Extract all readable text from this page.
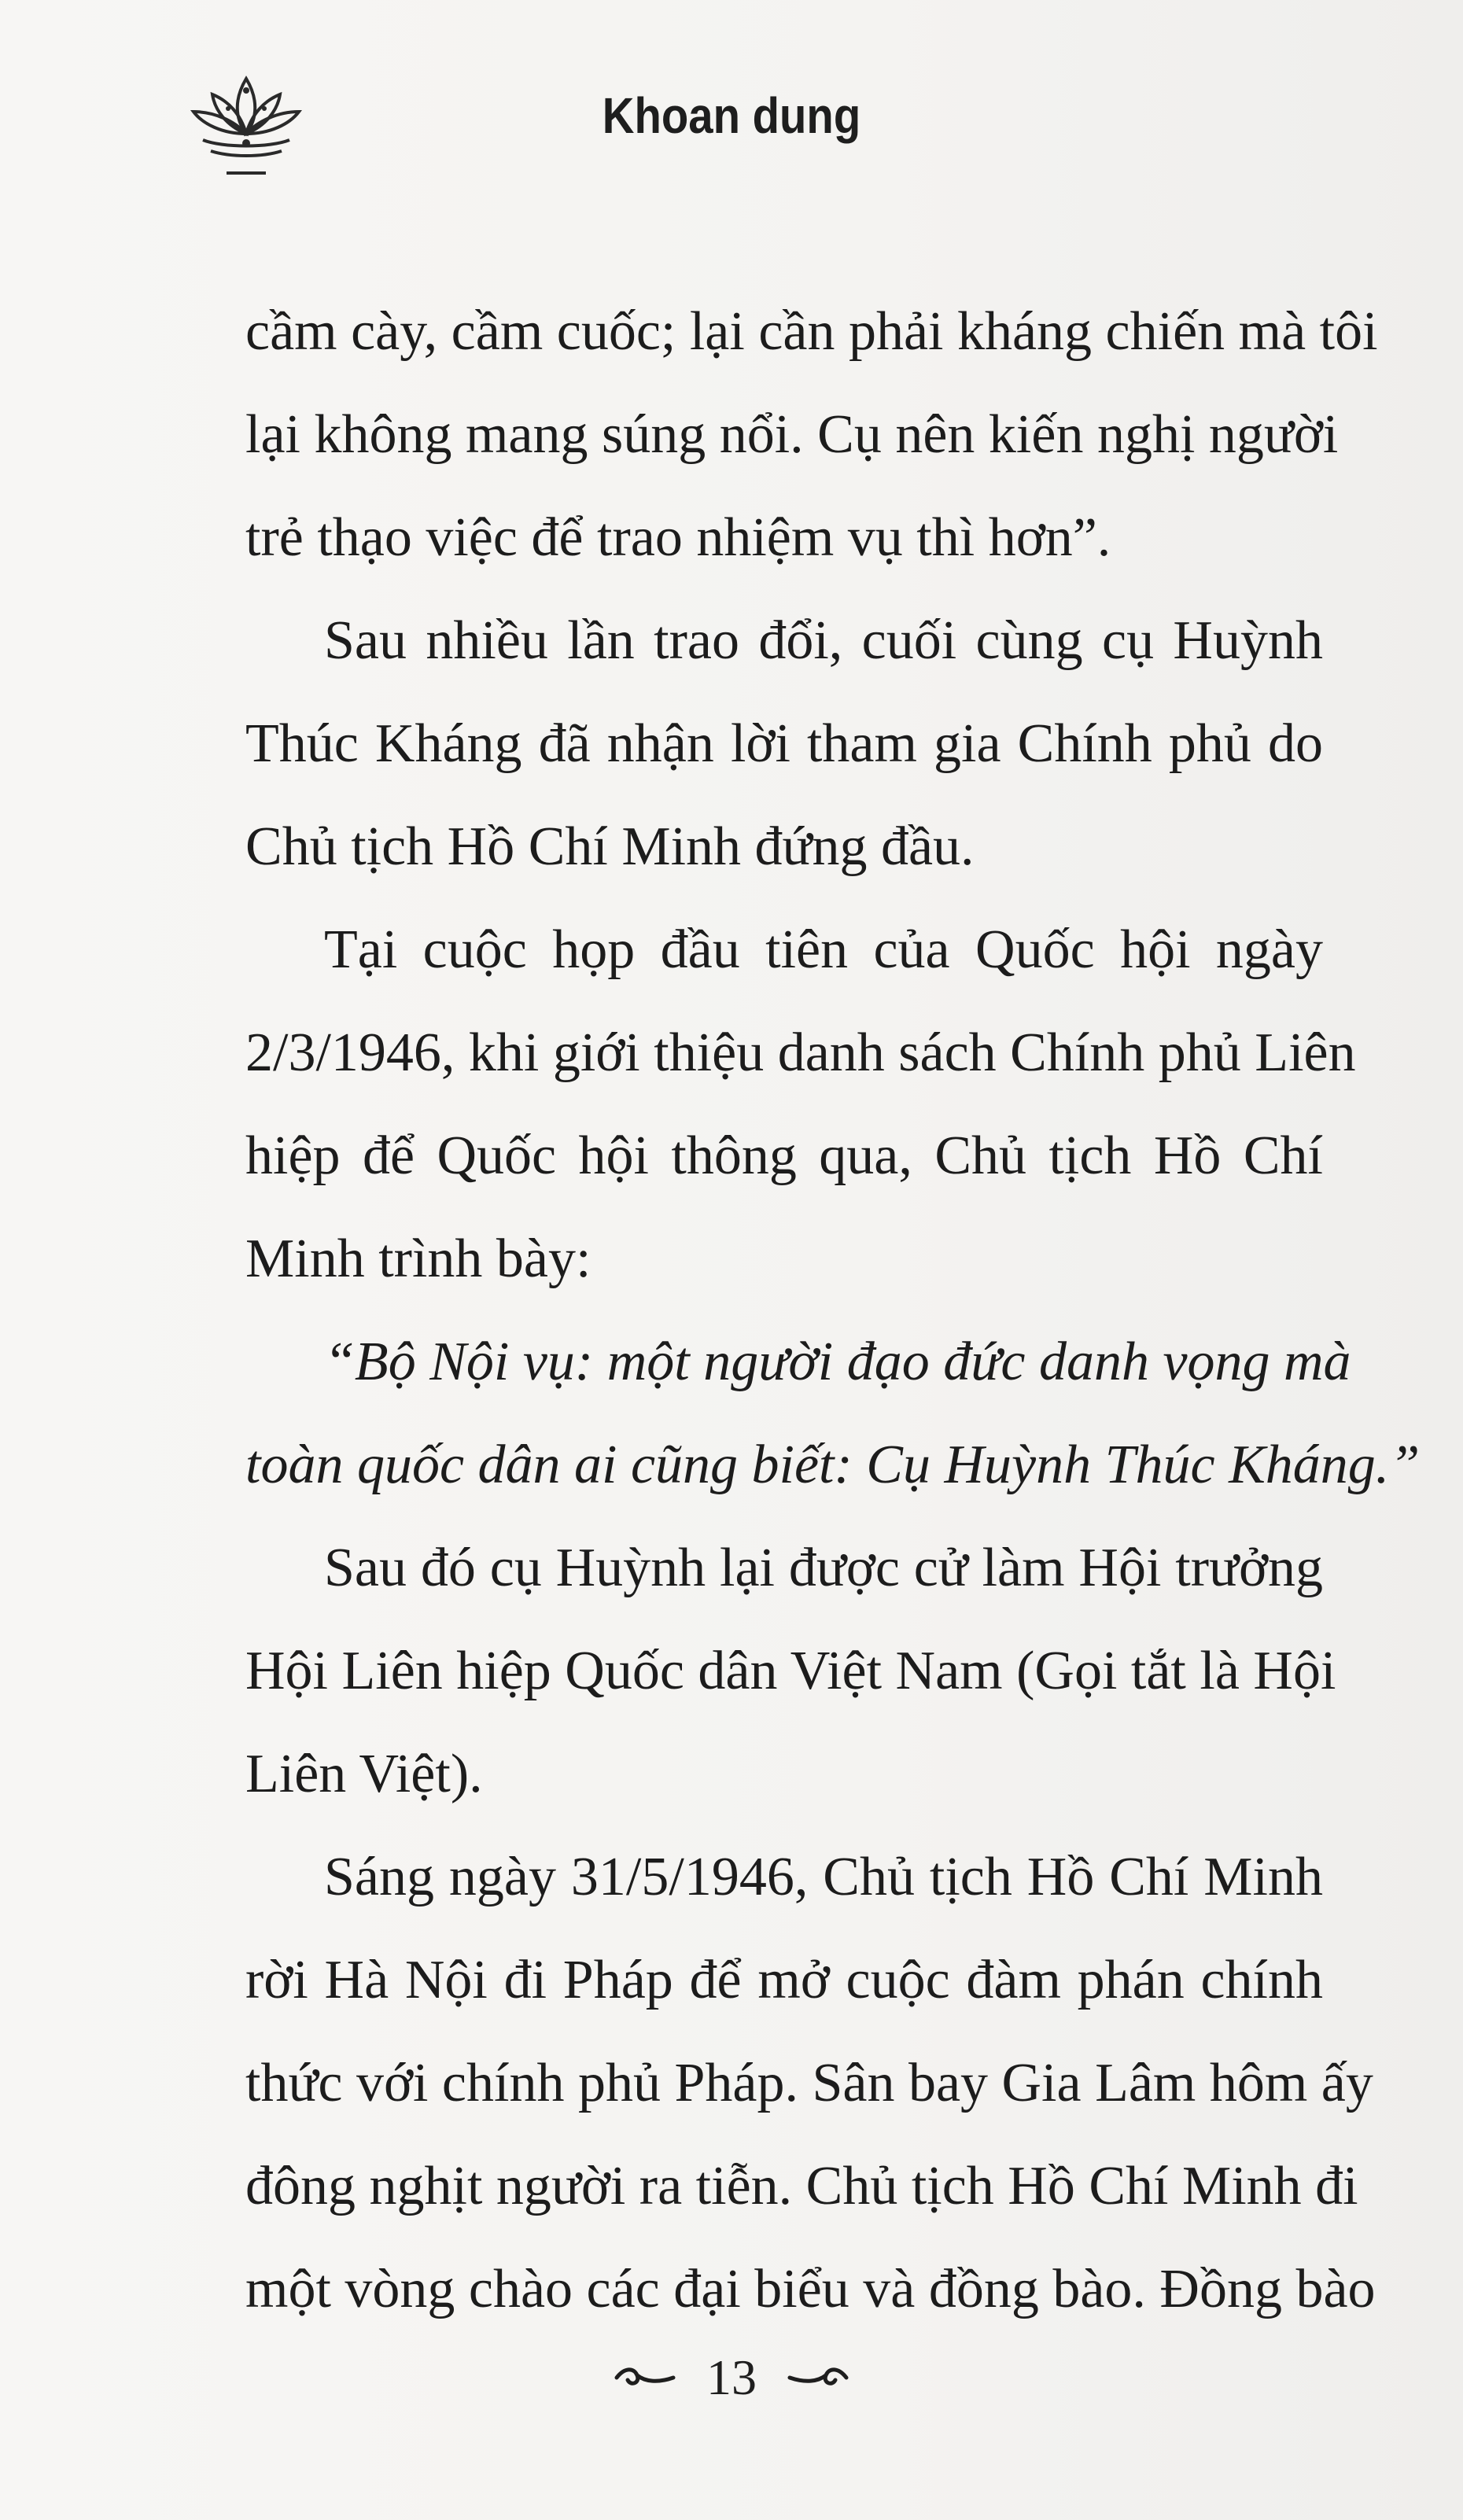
Khoan dung
cầm cày, cầm cuốc; lại cần phải kháng chiến mà tôi
lại không mang súng nổi. Cụ nên kiến nghị người
trẻ thạo việc để trao nhiệm vụ thì hơn”.
Sau nhiều lần trao đổi, cuối cùng cụ Huỳnh
Thúc Kháng đã nhận lời tham gia Chính phủ do
Chủ tịch Hồ Chí Minh đứng đầu.
Tại cuộc họp đầu tiên của Quốc hội ngày
2/3/1946, khi giới thiệu danh sách Chính phủ Liên
hiệp để Quốc hội thông qua, Chủ tịch Hồ Chí
Minh trình bày:
“Bộ Nội vụ: một người đạo đức danh vọng mà
toàn quốc dân ai cũng biết: Cụ Huỳnh Thúc Kháng.”
Sau đó cụ Huỳnh lại được cử làm Hội trưởng
Hội Liên hiệp Quốc dân Việt Nam (Gọi tắt là Hội
Liên Việt).
Sáng ngày 31/5/1946, Chủ tịch Hồ Chí Minh
rời Hà Nội đi Pháp để mở cuộc đàm phán chính
thức với chính phủ Pháp. Sân bay Gia Lâm hôm ấy
đông nghịt người ra tiễn. Chủ tịch Hồ Chí Minh đi
một vòng chào các đại biểu và đồng bào. Đồng bào
13
